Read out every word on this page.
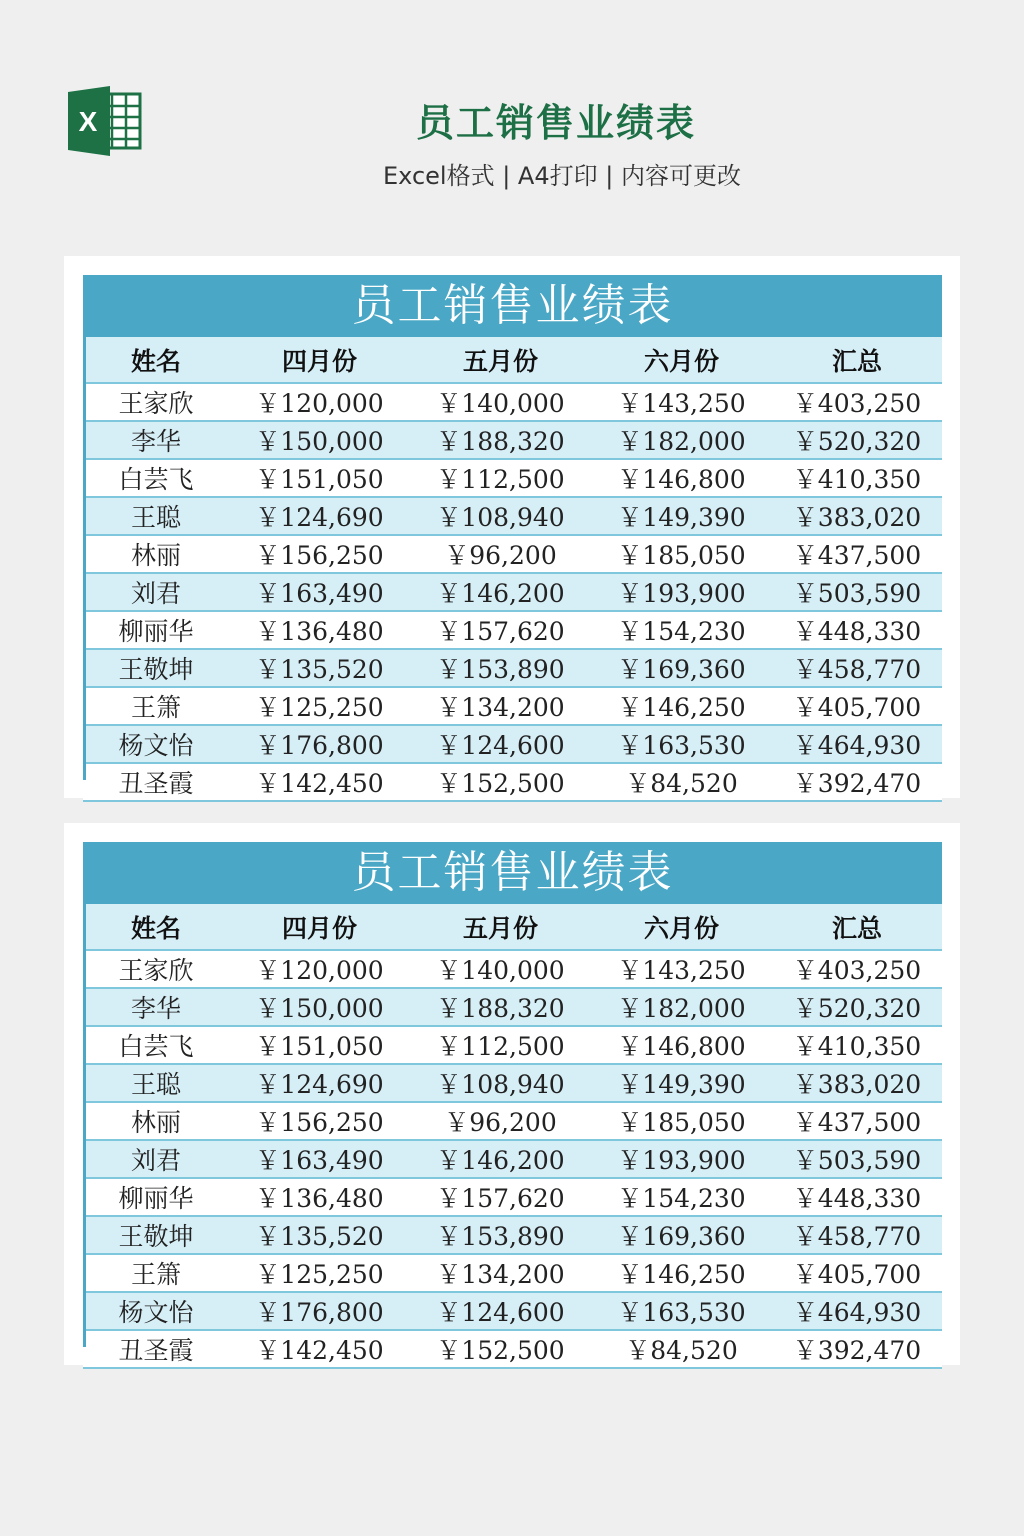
X	员工销售业绩表
Excel格式 | A4打印 | 内容可更改
员工销售业绩表
姓名	四月份	五月份	六月份	汇总
王家欣	￥120,000	￥140,000	￥143,250	￥403,250
李华	￥150,000	￥188,320	￥182,000	￥520,320
白芸飞	￥151,050	￥112,500	￥146,800	￥410,350
王聪	￥124,690	￥108,940	￥149,390	￥383,020
林丽	￥156,250	￥96,200	￥185,050	￥437,500
刘君	￥163,490	￥146,200	￥193,900	￥503,590
柳丽华	￥136,480	￥157,620	￥154,230	￥448,330
王敬坤	￥135,520	￥153,890	￥169,360	￥458,770
王箫	￥125,250	￥134,200	￥146,250	￥405,700
杨文怡	￥176,800	￥124,600	￥163,530	￥464,930
丑圣霞	￥142,450	￥152,500	￥84,520	￥392,470
员工销售业绩表
姓名	四月份	五月份	六月份	汇总
王家欣	￥120,000	￥140,000	￥143,250	￥403,250
李华	￥150,000	￥188,320	￥182,000	￥520,320
白芸飞	￥151,050	￥112,500	￥146,800	￥410,350
王聪	￥124,690	￥108,940	￥149,390	￥383,020
林丽	￥156,250	￥96,200	￥185,050	￥437,500
刘君	￥163,490	￥146,200	￥193,900	￥503,590
柳丽华	￥136,480	￥157,620	￥154,230	￥448,330
王敬坤	￥135,520	￥153,890	￥169,360	￥458,770
王箫	￥125,250	￥134,200	￥146,250	￥405,700
杨文怡	￥176,800	￥124,600	￥163,530	￥464,930
丑圣霞	￥142,450	￥152,500	￥84,520	￥392,470
